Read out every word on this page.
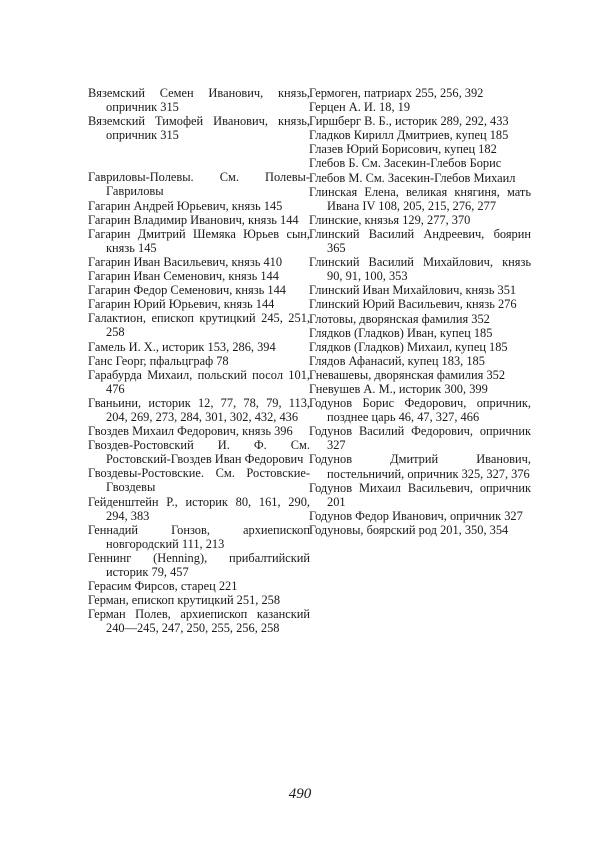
Вяземский Семен Иванович, князь, опричник 315

Вяземский Тимофей Иванович, князь, опричник 315

Гавриловы-Полевы. См. Полевы-Гавриловы

Гагарин Андрей Юрьевич, князь 145

Гагарин Владимир Иванович, князь 144

Гагарин Дмитрий Шемяка Юрьев сын, князь 145

Гагарин Иван Васильевич, князь 410

Гагарин Иван Семенович, князь 144

Гагарин Федор Семенович, князь 144

Гагарин Юрий Юрьевич, князь 144

Галактион, епископ крутицкий 245, 251, 258

Гамель И. Х., историк 153, 286, 394

Ганс Георг, пфальцграф 78

Гарабурда Михаил, польский посол 101, 476

Гваньини, историк 12, 77, 78, 79, 113, 204, 269, 273, 284, 301, 302, 432, 436

Гвоздев Михаил Федорович, князь 396

Гвоздев-Ростовский И. Ф. См. Ростовский-Гвоздев Иван Федорович

Гвоздевы-Ростовские. См. Ростовские-Гвоздевы

Гейденштейн Р., историк 80, 161, 290, 294, 383

Геннадий Гонзов, архиепископ новгородский 111, 213

Геннинг (Henning), прибалтийский историк 79, 457

Герасим Фирсов, старец 221

Герман, епископ крутицкий 251, 258

Герман Полев, архиепископ казанский 240—245, 247, 250, 255, 256, 258

Гермоген, патриарх 255, 256, 392

Герцен А. И. 18, 19

Гиршберг В. Б., историк 289, 292, 433

Гладков Кирилл Дмитриев, купец 185

Глазев Юрий Борисович, купец 182

Глебов Б. См. Засекин-Глебов Борис

Глебов М. См. Засекин-Глебов Михаил

Глинская Елена, великая княгиня, мать Ивана IV 108, 205, 215, 276, 277

Глинские, князья 129, 277, 370

Глинский Василий Андреевич, боярин 365

Глинский Василий Михайлович, князь 90, 91, 100, 353

Глинский Иван Михайлович, князь 351

Глинский Юрий Васильевич, князь 276

Глотовы, дворянская фамилия 352

Глядков (Гладков) Иван, купец 185

Глядков (Гладков) Михаил, купец 185

Глядов Афанасий, купец 183, 185

Гневашевы, дворянская фамилия 352

Гневушев А. М., историк 300, 399

Годунов Борис Федорович, опричник, позднее царь 46, 47, 327, 466

Годунов Василий Федорович, опричник 327

Годунов Дмитрий Иванович, постельничий, опричник 325, 327, 376

Годунов Михаил Васильевич, опричник 201

Годунов Федор Иванович, опричник 327

Годуновы, боярский род 201, 350, 354

490
